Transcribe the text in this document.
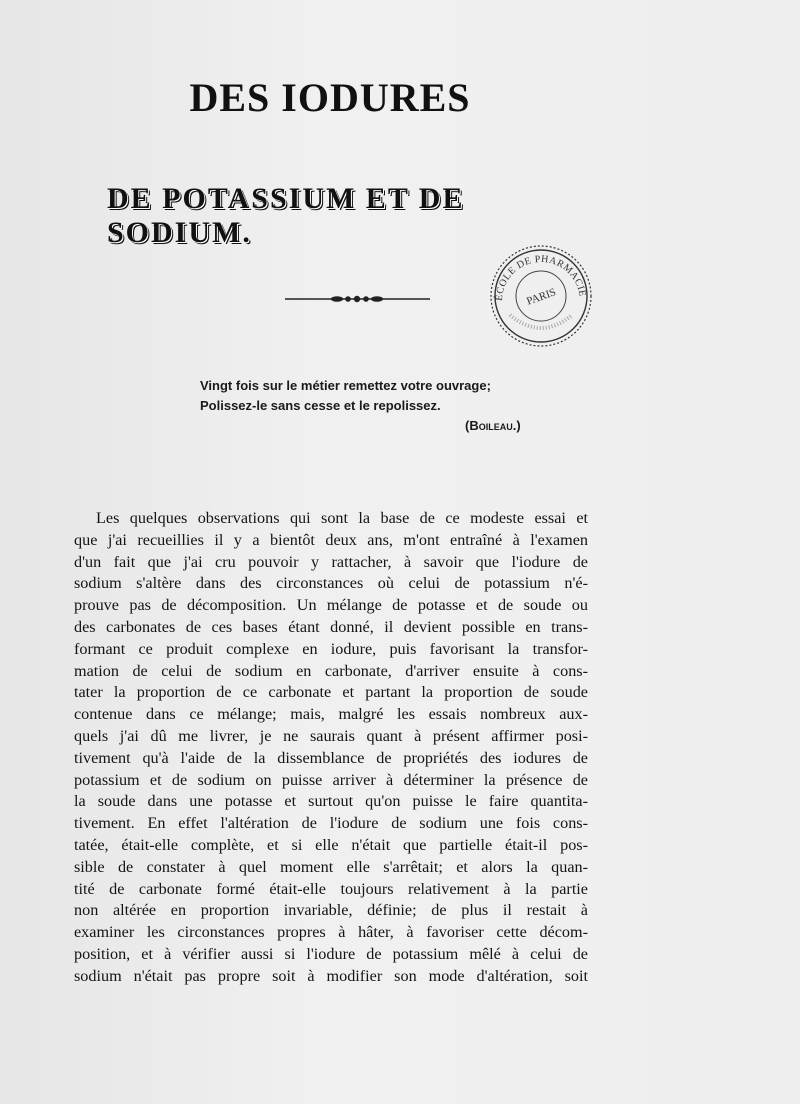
DES IODURES
DE POTASSIUM ET DE SODIUM.
ÉCOLE DE PHARMACIE
PARIS
Vingt fois sur le métier remettez votre ouvrage;
Polissez-le sans cesse et le repolissez.
(Boileau.)
Les quelques observations qui sont la base de ce modeste essai et
que j'ai recueillies il y a bientôt deux ans, m'ont entraîné à l'examen
d'un fait que j'ai cru pouvoir y rattacher, à savoir que l'iodure de
sodium s'altère dans des circonstances où celui de potassium n'é-
prouve pas de décomposition. Un mélange de potasse et de soude ou
des carbonates de ces bases étant donné, il devient possible en trans-
formant ce produit complexe en iodure, puis favorisant la transfor-
mation de celui de sodium en carbonate, d'arriver ensuite à cons-
tater la proportion de ce carbonate et partant la proportion de soude
contenue dans ce mélange; mais, malgré les essais nombreux aux-
quels j'ai dû me livrer, je ne saurais quant à présent affirmer posi-
tivement qu'à l'aide de la dissemblance de propriétés des iodures de
potassium et de sodium on puisse arriver à déterminer la présence de
la soude dans une potasse et surtout qu'on puisse le faire quantita-
tivement. En effet l'altération de l'iodure de sodium une fois cons-
tatée, était-elle complète, et si elle n'était que partielle était-il pos-
sible de constater à quel moment elle s'arrêtait; et alors la quan-
tité de carbonate formé était-elle toujours relativement à la partie
non altérée en proportion invariable, définie; de plus il restait à
examiner les circonstances propres à hâter, à favoriser cette décom-
position, et à vérifier aussi si l'iodure de potassium mêlé à celui de
sodium n'était pas propre soit à modifier son mode d'altération, soit
